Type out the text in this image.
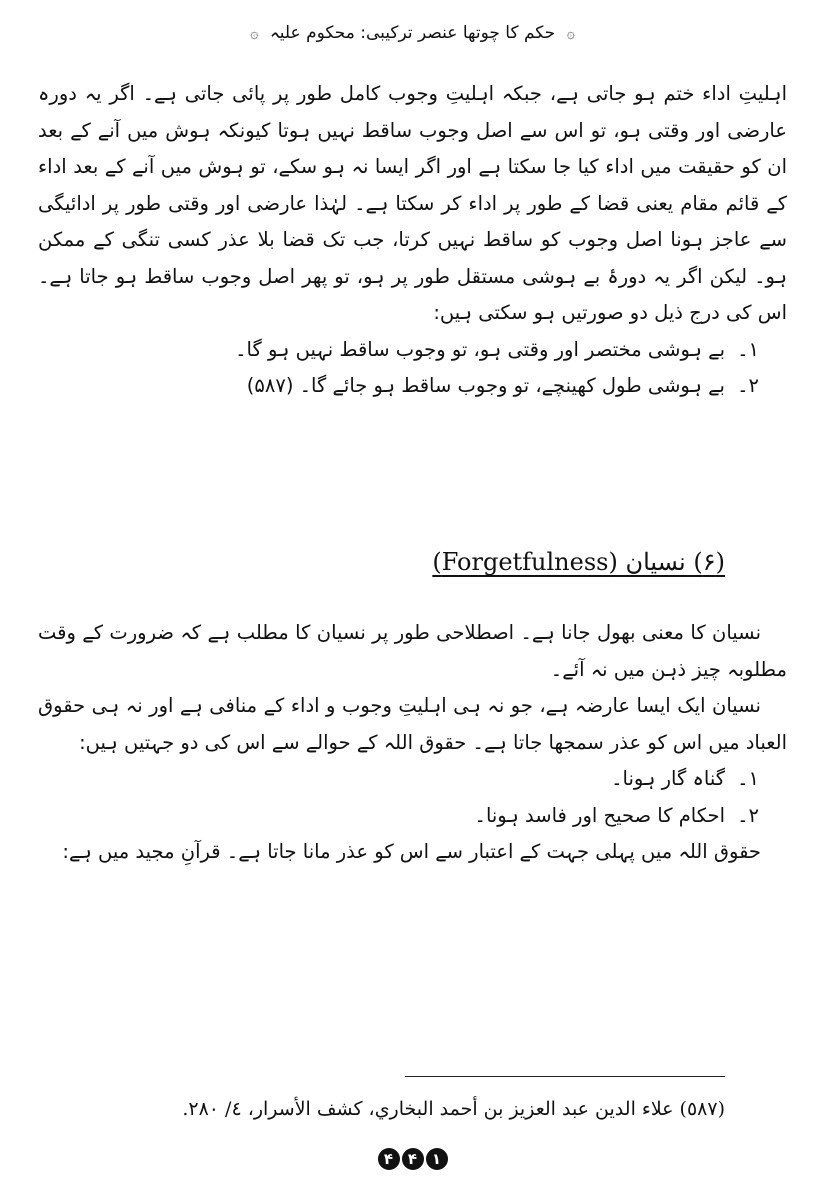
۞ حکم کا چوتھا عنصر ترکیبی: محکوم علیہ ۞

اہلیتِ اداء ختم ہو جاتی ہے، جبکہ اہلیتِ وجوب کامل طور پر پائی جاتی ہے۔ اگر یہ دورہ عارضی اور وقتی ہو، تو اس سے اصل وجوب ساقط نہیں ہوتا کیونکہ ہوش میں آنے کے بعد ان کو حقیقت میں اداء کیا جا سکتا ہے اور اگر ایسا نہ ہو سکے، تو ہوش میں آنے کے بعد اداء کے قائم مقام یعنی قضا کے طور پر اداء کر سکتا ہے۔ لہٰذا عارضی اور وقتی طور پر ادائیگی سے عاجز ہونا اصل وجوب کو ساقط نہیں کرتا، جب تک قضا بلا عذر کسی تنگی کے ممکن ہو۔ لیکن اگر یہ دورۂ بے ہوشی مستقل طور پر ہو، تو پھر اصل وجوب ساقط ہو جاتا ہے۔ اس کی درج ذیل دو صورتیں ہو سکتی ہیں:

۱۔بے ہوشی مختصر اور وقتی ہو، تو وجوب ساقط نہیں ہو گا۔

۲۔بے ہوشی طول کھینچے، تو وجوب ساقط ہو جائے گا۔ (۵۸۷)

(۶) نسیان (Forgetfulness)

نسیان کا معنی بھول جانا ہے۔ اصطلاحی طور پر نسیان کا مطلب ہے کہ ضرورت کے وقت مطلوبہ چیز ذہن میں نہ آئے۔

نسیان ایک ایسا عارضہ ہے، جو نہ ہی اہلیتِ وجوب و اداء کے منافی ہے اور نہ ہی حقوق العباد میں اس کو عذر سمجھا جاتا ہے۔ حقوق اللہ کے حوالے سے اس کی دو جہتیں ہیں:

۱۔گناہ گار ہونا۔

۲۔احکام کا صحیح اور فاسد ہونا۔

حقوق اللہ میں پہلی جہت کے اعتبار سے اس کو عذر مانا جاتا ہے۔ قرآنِ مجید میں ہے:

(٥٨٧) علاء الدين عبد العزيز بن أحمد البخاري، كشف الأسرار، ٤/ ٢٨٠.
۴ ۴ ۱
